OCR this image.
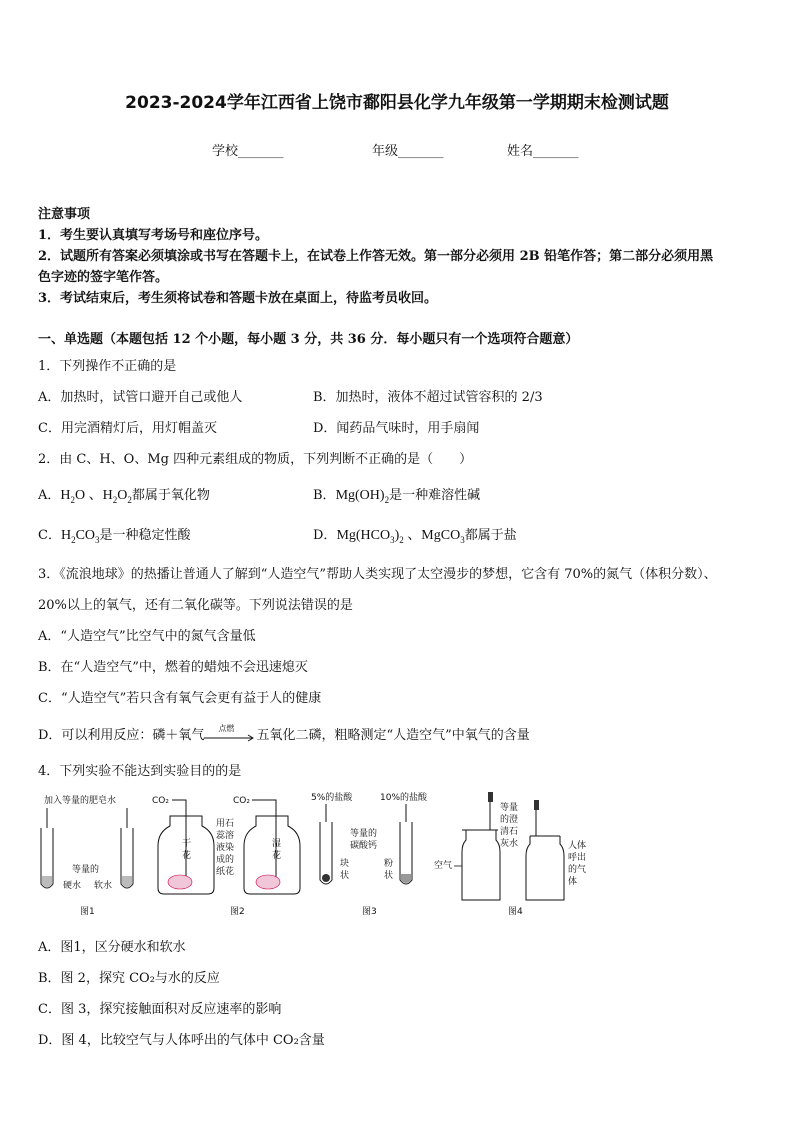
2023-2024学年江西省上饶市鄱阳县化学九年级第一学期期末检测试题
学校_______	年级_______	姓名_______
注意事项
1．考生要认真填写考场号和座位序号。
2．试题所有答案必须填涂或书写在答题卡上，在试卷上作答无效。第一部分必须用 2B 铅笔作答；第二部分必须用黑
色字迹的签字笔作答。
3．考试结束后，考生须将试卷和答题卡放在桌面上，待监考员收回。
一、单选题（本题包括 12 个小题，每小题 3 分，共 36 分．每小题只有一个选项符合题意）
1．下列操作不正确的是
A．加热时，试管口避开自己或他人	B．加热时，液体不超过试管容积的 2/3
C．用完酒精灯后，用灯帽盖灭	D．闻药品气味时，用手扇闻
2．由 C、H、O、Mg 四种元素组成的物质，下列判断不正确的是（　　）
A．$H_2O$ 、$H_2O_2$都属于氧化物	B．$Mg(OH)_2$是一种难溶性碱
C．$H_2CO_3$是一种稳定性酸	D．$Mg(HCO_3)_2$ 、MgCO$_3$都属于盐
3．《流浪地球》的热播让普通人了解到“人造空气”帮助人类实现了太空漫步的梦想，它含有 70%的氮气（体积分数）、
20%以上的氧气，还有二氧化碳等。下列说法错误的是
A．“人造空气”比空气中的氮气含量低
B．在“人造空气”中，燃着的蜡烛不会迅速熄灭
C．“人造空气”若只含有氧气会更有益于人的健康
D．可以利用反应：磷＋氧气 点燃 五氧化二磷，粗略测定“人造空气”中氧气的含量
4．下列实验不能达到实验目的的是
加入等量的肥皂水
等量的
硬水 软水
图1
CO₂
干
花
用石
蕊溶
液染
成的
纸花
CO₂
湿
花
图2
5%的盐酸	10%的盐酸
等量的
碳酸钙
块
状
粉
状
图3
等量
的澄
清石
灰水
空气
人体
呼出
的气
体
图4
A．图1，区分硬水和软水
B．图 2，探究 CO₂与水的反应
C．图 3，探究接触面积对反应速率的影响
D．图 4，比较空气与人体呼出的气体中 CO₂含量
